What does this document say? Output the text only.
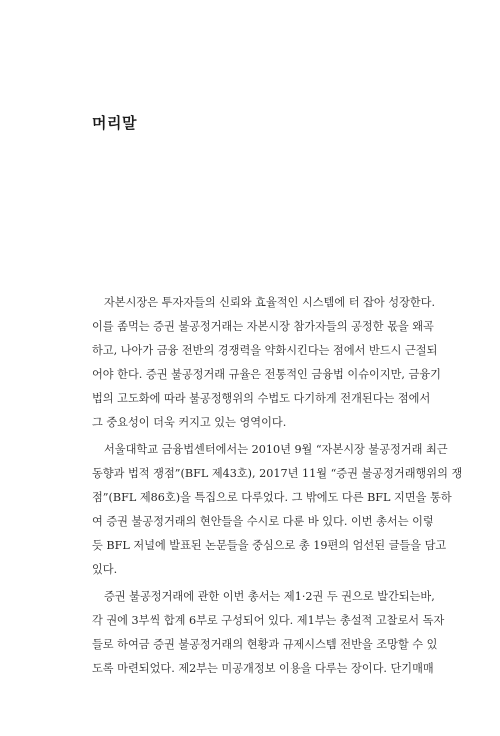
머리말
자본시장은 투자자들의 신뢰와 효율적인 시스템에 터 잡아 성장한다.
이를 좀먹는 증권 불공정거래는 자본시장 참가자들의 공정한 몫을 왜곡
하고, 나아가 금융 전반의 경쟁력을 약화시킨다는 점에서 반드시 근절되
어야 한다. 증권 불공정거래 규율은 전통적인 금융법 이슈이지만, 금융기
법의 고도화에 따라 불공정행위의 수법도 다기하게 전개된다는 점에서
그 중요성이 더욱 커지고 있는 영역이다.
서울대학교 금융법센터에서는 2010년 9월 “자본시장 불공정거래 최근
동향과 법적 쟁점”(BFL 제43호), 2017년 11월 “증권 불공정거래행위의 쟁
점”(BFL 제86호)을 특집으로 다루었다. 그 밖에도 다른 BFL 지면을 통하
여 증권 불공정거래의 현안들을 수시로 다룬 바 있다. 이번 총서는 이렇
듯 BFL 저널에 발표된 논문들을 중심으로 총 19편의 엄선된 글들을 담고
있다.
증권 불공정거래에 관한 이번 총서는 제1·2권 두 권으로 발간되는바,
각 권에 3부씩 합계 6부로 구성되어 있다. 제1부는 총설적 고찰로서 독자
들로 하여금 증권 불공정거래의 현황과 규제시스템 전반을 조망할 수 있
도록 마련되었다. 제2부는 미공개정보 이용을 다루는 장이다. 단기매매
